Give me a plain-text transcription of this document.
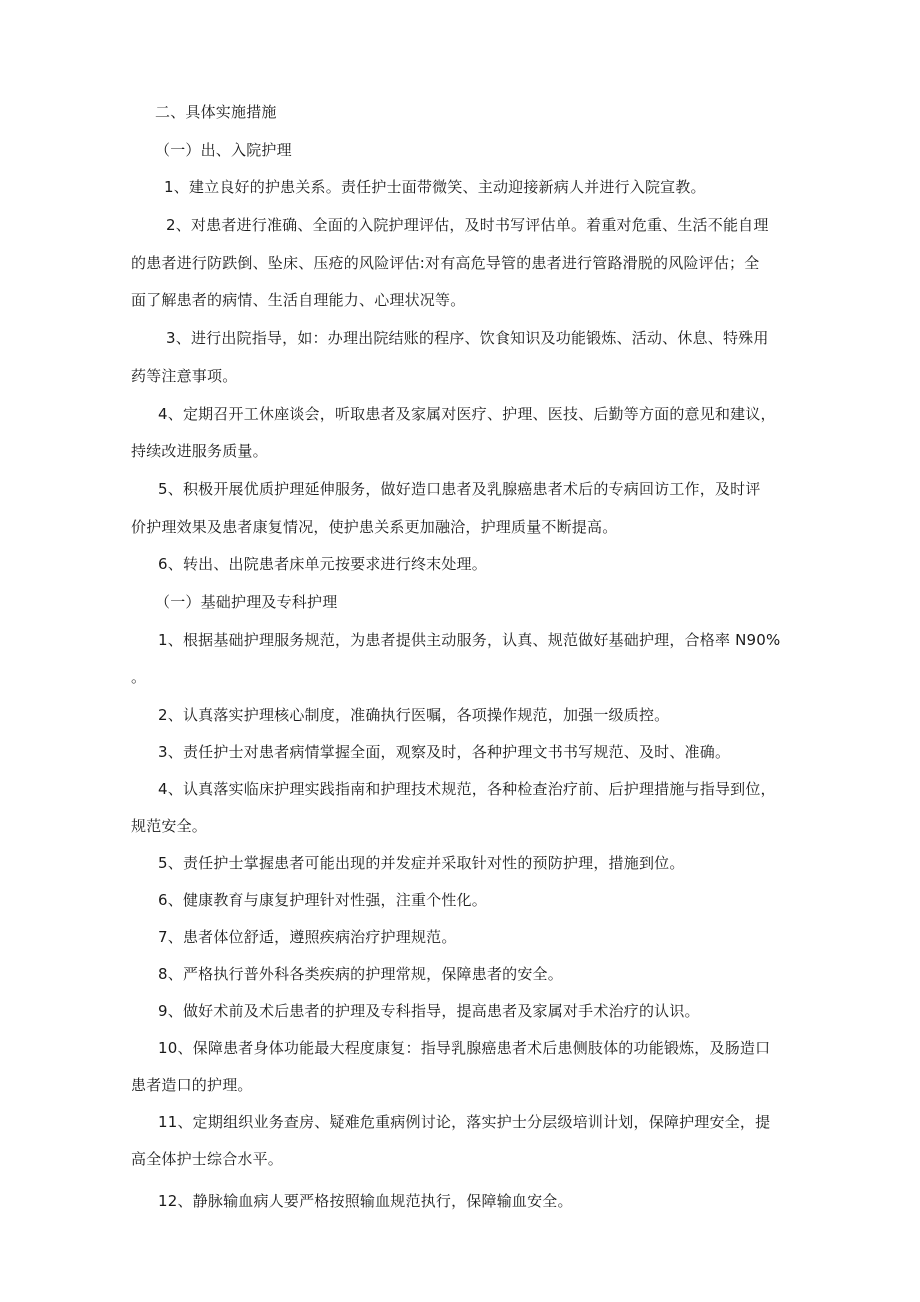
二、具体实施措施
（一）出、入院护理
1、建立良好的护患关系。责任护士面带微笑、主动迎接新病人并进行入院宣教。
2、对患者进行准确、全面的入院护理评估，及时书写评估单。着重对危重、生活不能自理
的患者进行防跌倒、坠床、压疮的风险评估:对有高危导管的患者进行管路滑脱的风险评估；全
面了解患者的病情、生活自理能力、心理状况等。
3、进行出院指导，如：办理出院结账的程序、饮食知识及功能锻炼、活动、休息、特殊用
药等注意事项。
4、定期召开工休座谈会，听取患者及家属对医疗、护理、医技、后勤等方面的意见和建议，
持续改进服务质量。
5、积极开展优质护理延伸服务，做好造口患者及乳腺癌患者术后的专病回访工作，及时评
价护理效果及患者康复情况，使护患关系更加融洽，护理质量不断提高。
6、转出、出院患者床单元按要求进行终末处理。
（一）基础护理及专科护理
1、根据基础护理服务规范，为患者提供主动服务，认真、规范做好基础护理，合格率 N90%
。
2、认真落实护理核心制度，准确执行医嘱，各项操作规范，加强一级质控。
3、责任护士对患者病情掌握全面，观察及时，各种护理文书书写规范、及时、准确。
4、认真落实临床护理实践指南和护理技术规范，各种检查治疗前、后护理措施与指导到位，
规范安全。
5、责任护士掌握患者可能出现的并发症并采取针对性的预防护理，措施到位。
6、健康教育与康复护理针对性强，注重个性化。
7、患者体位舒适，遵照疾病治疗护理规范。
8、严格执行普外科各类疾病的护理常规，保障患者的安全。
9、做好术前及术后患者的护理及专科指导，提高患者及家属对手术治疗的认识。
10、保障患者身体功能最大程度康复：指导乳腺癌患者术后患侧肢体的功能锻炼，及肠造口
患者造口的护理。
11、定期组织业务查房、疑难危重病例讨论，落实护士分层级培训计划，保障护理安全，提
高全体护士综合水平。
12、静脉输血病人要严格按照输血规范执行，保障输血安全。
